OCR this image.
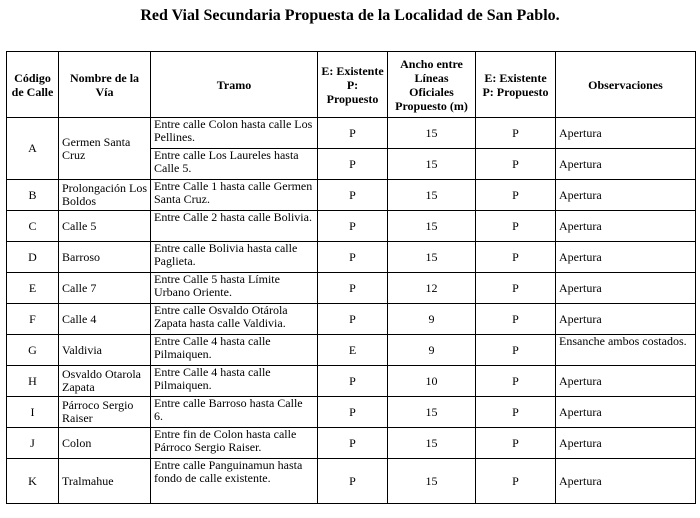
Red Vial Secundaria Propuesta de la Localidad de San Pablo.
Código de Calle	Nombre de la Vía	Tramo	E: Existente P: Propuesto	Ancho entre Líneas Oficiales Propuesto (m)	E: Existente P: Propuesto	Observaciones
A	Germen Santa Cruz	Entre calle Colon hasta calle Los Pellines.	P	15	P	Apertura
		Entre calle Los Laureles hasta Calle 5.	P	15	P	Apertura
B	Prolongación Los Boldos	Entre Calle 1 hasta calle Germen Santa Cruz.	P	15	P	Apertura
C	Calle 5	Entre Calle 2 hasta calle Bolivia.	P	15	P	Apertura
D	Barroso	Entre calle Bolivia hasta calle Paglieta.	P	15	P	Apertura
E	Calle 7	Entre Calle 5 hasta Límite Urbano Oriente.	P	12	P	Apertura
F	Calle 4	Entre calle Osvaldo Otárola Zapata hasta calle Valdivia.	P	9	P	Apertura
G	Valdivia	Entre Calle 4 hasta calle Pilmaiquen.	E	9	P	Ensanche ambos costados.
H	Osvaldo Otarola Zapata	Entre Calle 4 hasta calle Pilmaiquen.	P	10	P	Apertura
I	Párroco Sergio Raiser	Entre calle Barroso hasta Calle 6.	P	15	P	Apertura
J	Colon	Entre fin de Colon hasta calle Párroco Sergio Raiser.	P	15	P	Apertura
K	Tralmahue	Entre calle Panguinamun hasta fondo de calle existente.	P	15	P	Apertura
